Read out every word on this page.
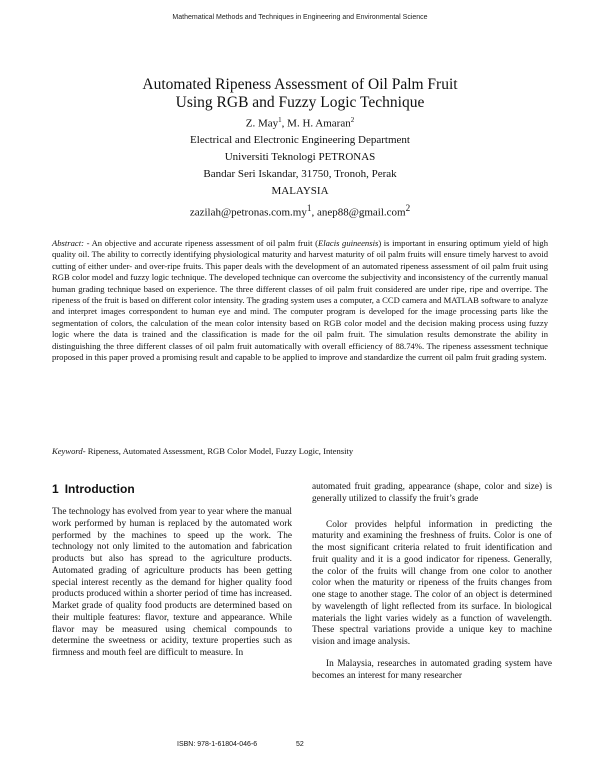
Mathematical Methods and Techniques in Engineering and Environmental Science
Automated Ripeness Assessment of Oil Palm Fruit
Using RGB and Fuzzy Logic Technique
Z. May$^1$, M. H. Amaran$^2$
Electrical and Electronic Engineering Department
Universiti Teknologi PETRONAS
Bandar Seri Iskandar, 31750, Tronoh, Perak
MALAYSIA
$zazilah@petronas.com.my^1$, anep88@gmail.com$^2$
Abstract: - An objective and accurate ripeness assessment of oil palm fruit (Elacis guineensis) is important in ensuring optimum yield of high quality oil. The ability to correctly identifying physiological maturity and harvest maturity of oil palm fruits will ensure timely harvest to avoid cutting of either under- and over-ripe fruits. This paper deals with the development of an automated ripeness assessment of oil palm fruit using RGB color model and fuzzy logic technique. The developed technique can overcome the subjectivity and inconsistency of the currently manual human grading technique based on experience. The three different classes of oil palm fruit considered are under ripe, ripe and overripe. The ripeness of the fruit is based on different color intensity. The grading system uses a computer, a CCD camera and MATLAB software to analyze and interpret images correspondent to human eye and mind. The computer program is developed for the image processing parts like the segmentation of colors, the calculation of the mean color intensity based on RGB color model and the decision making process using fuzzy logic where the data is trained and the classification is made for the oil palm fruit. The simulation results demonstrate the ability in distinguishing the three different classes of oil palm fruit automatically with overall efficiency of 88.74%. The ripeness assessment technique proposed in this paper proved a promising result and capable to be applied to improve and standardize the current oil palm fruit grading system.
Keyword- Ripeness, Automated Assessment, RGB Color Model, Fuzzy Logic, Intensity
1 Introduction

The technology has evolved from year to year where the manual work performed by human is replaced by the automated work performed by the machines to speed up the work. The technology not only limited to the automation and fabrication products but also has spread to the agriculture products. Automated grading of agriculture products has been getting special interest recently as the demand for higher quality food products produced within a shorter period of time has increased. Market grade of quality food products are determined based on their multiple features: flavor, texture and appearance. While flavor may be measured using chemical compounds to determine the sweetness or acidity, texture properties such as firmness and mouth feel are difficult to measure. In

automated fruit grading, appearance (shape, color and size) is generally utilized to classify the fruit’s grade

Color provides helpful information in predicting the maturity and examining the freshness of fruits. Color is one of the most significant criteria related to fruit identification and fruit quality and it is a good indicator for ripeness. Generally, the color of the fruits will change from one color to another color when the maturity or ripeness of the fruits changes from one stage to another stage. The color of an object is determined by wavelength of light reflected from its surface. In biological materials the light varies widely as a function of wavelength. These spectral variations provide a unique key to machine vision and image analysis.

In Malaysia, researches in automated grading system have becomes an interest for many researcher

ISBN: 978-1-61804-046-6	52
